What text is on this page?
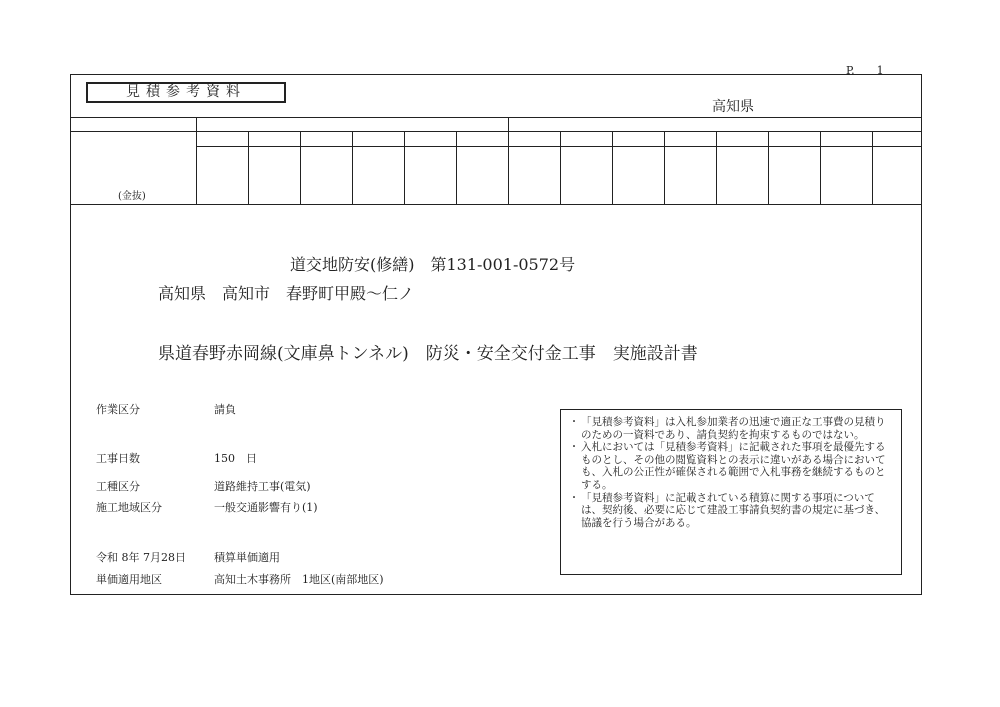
P.　　1
見積参考資料
高知県
(金抜)
道交地防安(修繕)　第131-001-0572号
高知県　高知市　春野町甲殿～仁ノ
県道春野赤岡線(文庫鼻トンネル)　防災・安全交付金工事　実施設計書
作業区分	請負
工事日数	150　日
工種区分	道路維持工事(電気)
施工地域区分	一般交通影響有り(1)
令和 8年 7月28日	積算単価適用
単価適用地区	高知土木事務所　1地区(南部地区)
・ 「見積参考資料」は入札参加業者の迅速で適正な工事費の見積りのための一資料であり、請負契約を拘束するものではない。
・ 入札においては「見積参考資料」に記載された事項を最優先するものとし、その他の閲覧資料との表示に違いがある場合においても、入札の公正性が確保される範囲で入札事務を継続するものとする。
・ 「見積参考資料」に記載されている積算に関する事項については、契約後、必要に応じて建設工事請負契約書の規定に基づき、協議を行う場合がある。
